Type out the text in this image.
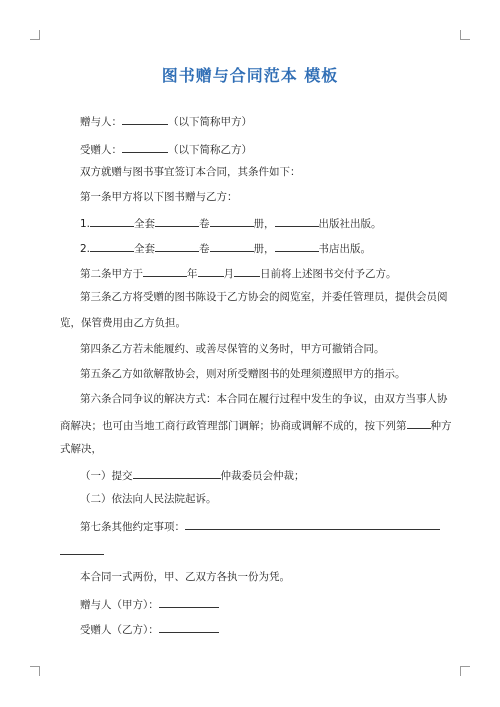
图书赠与合同范本 模板
赠与人：	（以下简称甲方）
受赠人：	（以下简称乙方）
双方就赠与图书事宜签订本合同，其条件如下：
第一条甲方将以下图书赠与乙方：
1.	全套	卷	册，	出版社出版。
2.	全套	卷	册，	书店出版。
第二条甲方于	年 月 日前将上述图书交付予乙方。
第三条乙方将受赠的图书陈设于乙方协会的阅览室，并委任管理员，提供会员阅
览，保管费用由乙方负担。
第四条乙方若未能履约、或善尽保管的义务时，甲方可撤销合同。
第五条乙方如欲解散协会，则对所受赠图书的处理须遵照甲方的指示。
第六条合同争议的解决方式：本合同在履行过程中发生的争议，由双方当事人协
商解决；也可由当地工商行政管理部门调解；协商或调解不成的，按下列第 种方
式解决，
（一）提交	仲裁委员会仲裁；
（二）依法向人民法院起诉。
第七条其他约定事项：
本合同一式两份，甲、乙双方各执一份为凭。
赠与人（甲方）：
受赠人（乙方）：
